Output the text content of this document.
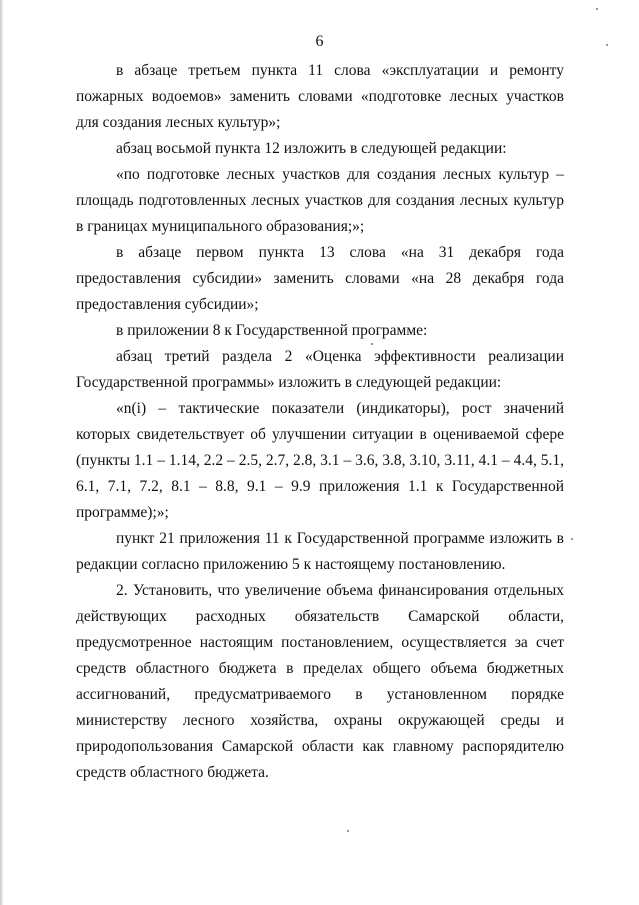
6

в абзаце третьем пункта 11 слова «эксплуатации и ремонту пожарных водоемов» заменить словами «подготовке лесных участков для создания лесных культур»;

абзац восьмой пункта 12 изложить в следующей редакции:

«по подготовке лесных участков для создания лесных культур – площадь подготовленных лесных участков для создания лесных культур в границах муниципального образования;»;

в абзаце первом пункта 13 слова «на 31 декабря года предоставления субсидии» заменить словами «на 28 декабря года предоставления субсидии»;

в приложении 8 к Государственной программе:

абзац третий раздела 2 «Оценка эффективности реализации Государственной программы» изложить в следующей редакции:

«n(i) – тактические показатели (индикаторы), рост значений которых свидетельствует об улучшении ситуации в оцениваемой сфере (пункты 1.1 – 1.14, 2.2 – 2.5, 2.7, 2.8, 3.1 – 3.6, 3.8, 3.10, 3.11, 4.1 – 4.4, 5.1, 6.1, 7.1, 7.2, 8.1 – 8.8, 9.1 – 9.9 приложения 1.1 к Государственной программе);»;

пункт 21 приложения 11 к Государственной программе изложить в редакции согласно приложению 5 к настоящему постановлению.

2. Установить, что увеличение объема финансирования отдельных действующих расходных обязательств Самарской области, предусмотренное настоящим постановлением, осуществляется за счет средств областного бюджета в пределах общего объема бюджетных ассигнований, предусматриваемого в установленном порядке министерству лесного хозяйства, охраны окружающей среды и природопользования Самарской области как главному распорядителю средств областного бюджета.
